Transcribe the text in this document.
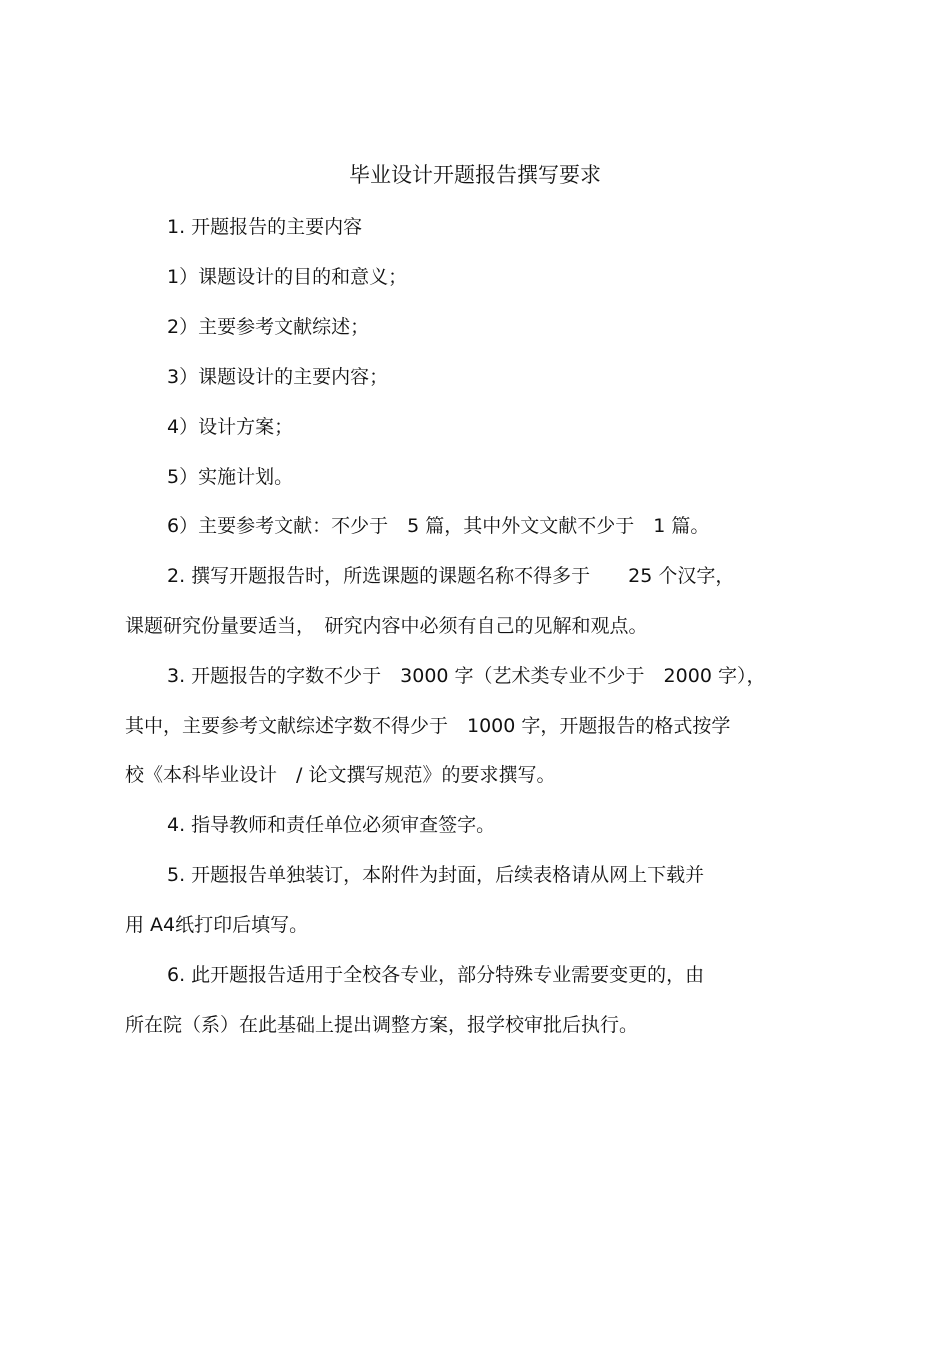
毕业设计开题报告撰写要求
1. 开题报告的主要内容
1）课题设计的目的和意义；
2）主要参考文献综述；
3）课题设计的主要内容；
4）设计方案；
5）实施计划。
6）主要参考文献：不少于　5 篇，其中外文文献不少于　1 篇。
2. 撰写开题报告时，所选课题的课题名称不得多于　　25 个汉字，
课题研究份量要适当，　研究内容中必须有自己的见解和观点。
3. 开题报告的字数不少于　3000 字（艺术类专业不少于　2000 字），
其中，主要参考文献综述字数不得少于　1000 字，开题报告的格式按学
校《本科毕业设计　/ 论文撰写规范》的要求撰写。
4. 指导教师和责任单位必须审查签字。
5. 开题报告单独装订，本附件为封面，后续表格请从网上下载并
用 A4纸打印后填写。
6. 此开题报告适用于全校各专业，部分特殊专业需要变更的，由
所在院（系）在此基础上提出调整方案，报学校审批后执行。
